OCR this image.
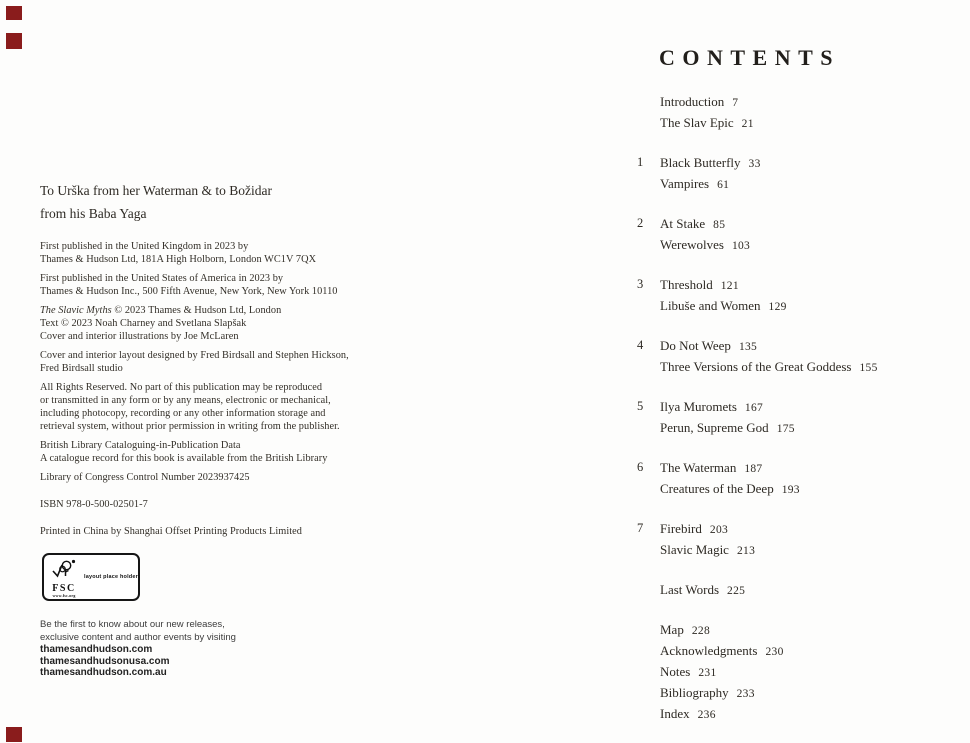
To Urška from her Waterman & to Božidar
from his Baba Yaga
First published in the United Kingdom in 2023 by
Thames & Hudson Ltd, 181A High Holborn, London WC1V 7QX
First published in the United States of America in 2023 by
Thames & Hudson Inc., 500 Fifth Avenue, New York, New York 10110
The Slavic Myths © 2023 Thames & Hudson Ltd, London
Text © 2023 Noah Charney and Svetlana Slapšak
Cover and interior illustrations by Joe McLaren
Cover and interior layout designed by Fred Birdsall and Stephen Hickson,
Fred Birdsall studio
All Rights Reserved. No part of this publication may be reproduced
or transmitted in any form or by any means, electronic or mechanical,
including photocopy, recording or any other information storage and
retrieval system, without prior permission in writing from the publisher.
British Library Cataloguing-in-Publication Data
A catalogue record for this book is available from the British Library
Library of Congress Control Number 2023937425
ISBN 978-0-500-02501-7
Printed in China by Shanghai Offset Printing Products Limited
FSC
www.fsc.org
layout place holder
Be the first to know about our new releases,
exclusive content and author events by visiting
thamesandhudson.com
thamesandhudsonusa.com
thamesandhudson.com.au
CONTENTS
Introduction 7
The Slav Epic 21
1	Black Butterfly 33
Vampires 61
2	At Stake 85
Werewolves 103
3	Threshold 121
Libuše and Women 129
4	Do Not Weep 135
Three Versions of the Great Goddess 155
5	Ilya Muromets 167
Perun, Supreme God 175
6	The Waterman 187
Creatures of the Deep 193
7	Firebird 203
Slavic Magic 213
Last Words 225
Map 228
Acknowledgments 230
Notes 231
Bibliography 233
Index 236
